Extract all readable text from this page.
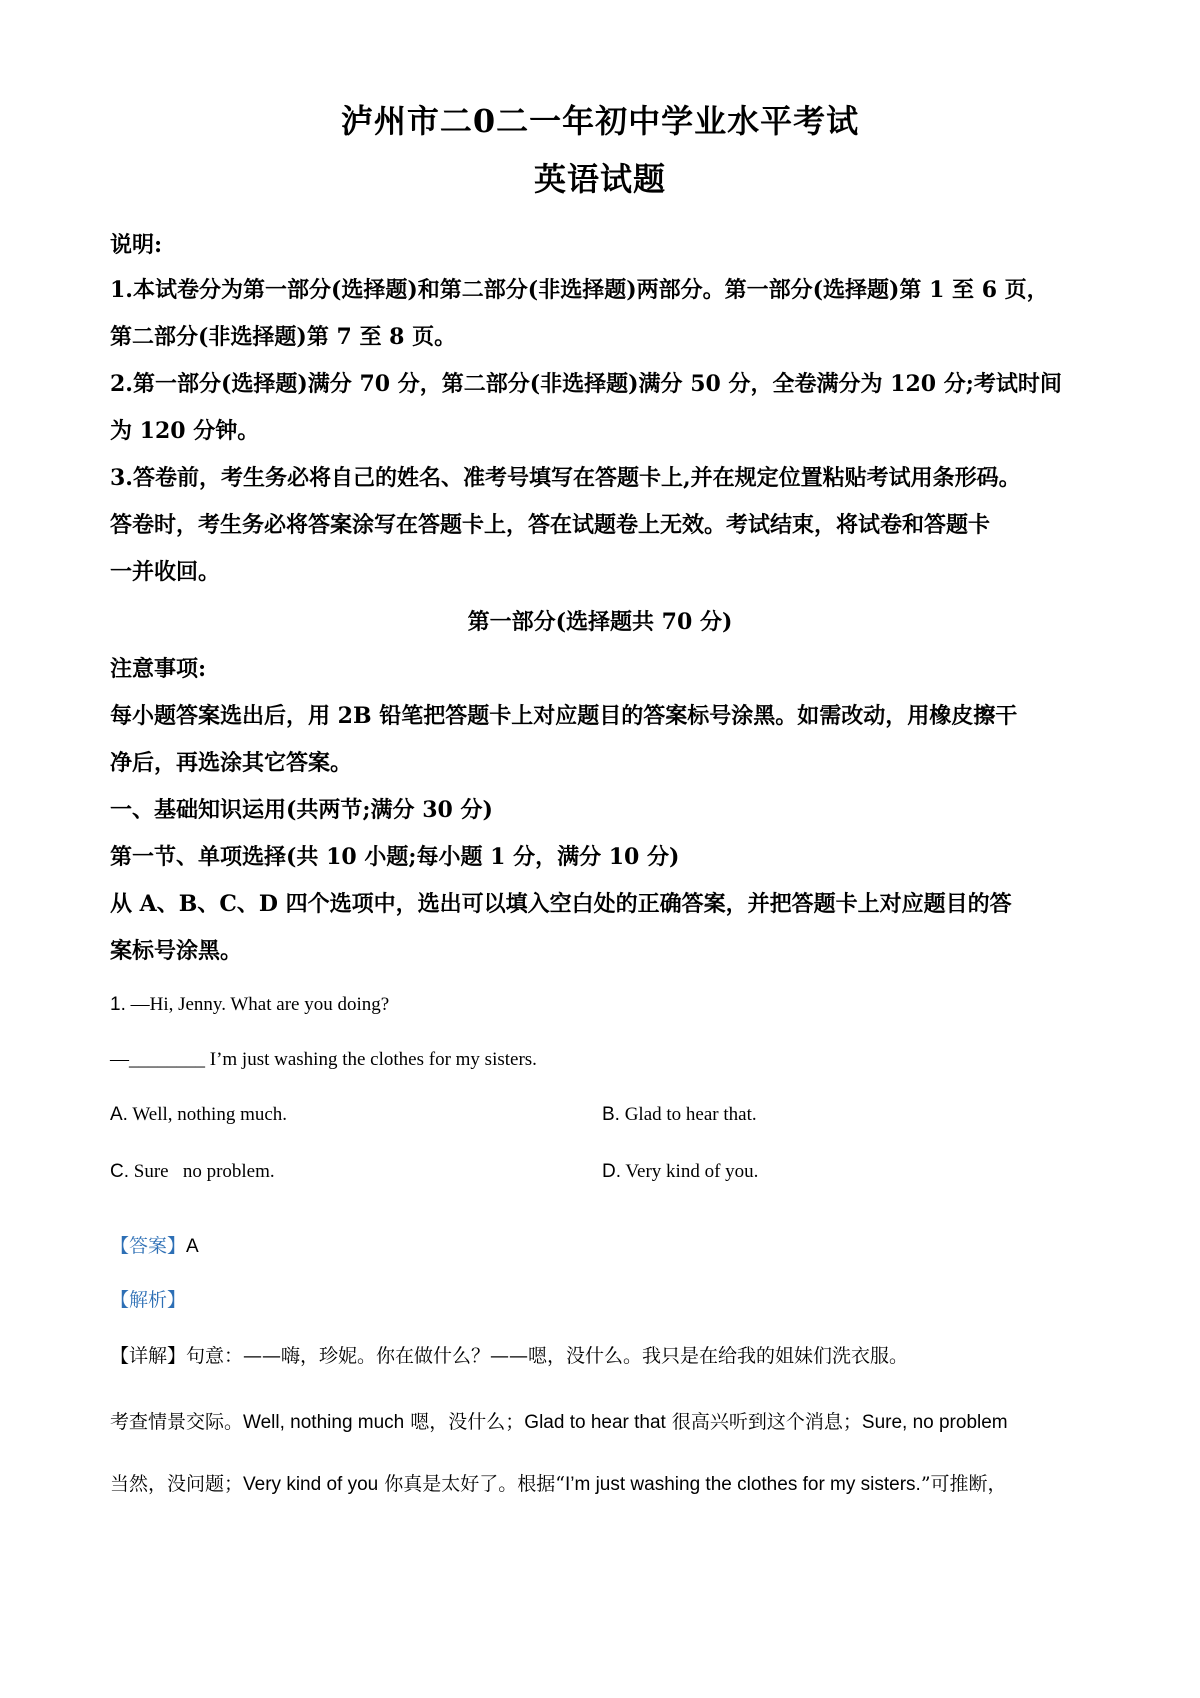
泸州市二0二一年初中学业水平考试
英语试题
说明:
1.本试卷分为第一部分(选择题)和第二部分(非选择题)两部分。第一部分(选择题)第 1 至 6 页，
第二部分(非选择题)第 7 至 8 页。
2.第一部分(选择题)满分 70 分，第二部分(非选择题)满分 50 分，全卷满分为 120 分;考试时间
为 120 分钟。
3.答卷前，考生务必将自己的姓名、准考号填写在答题卡上,并在规定位置粘贴考试用条形码。
答卷时，考生务必将答案涂写在答题卡上，答在试题卷上无效。考试结束，将试卷和答题卡
一并收回。
第一部分(选择题共 70 分)
注意事项:
每小题答案选出后，用 2B 铅笔把答题卡上对应题目的答案标号涂黑。如需改动，用橡皮擦干
净后，再选涂其它答案。
一、基础知识运用(共两节;满分 30 分)
第一节、单项选择(共 10 小题;每小题 1 分，满分 10 分)
从 A、B、C、D 四个选项中，选出可以填入空白处的正确答案，并把答题卡上对应题目的答
案标号涂黑。
1. —Hi, Jenny. What are you doing?
—________ I’m just washing the clothes for my sisters.
A. Well, nothing much.	B. Glad to hear that.
C. Sure   no problem.	D. Very kind of you.
【答案】A
【解析】
【详解】句意：——嗨，珍妮。你在做什么？——嗯，没什么。我只是在给我的姐妹们洗衣服。
考查情景交际。Well, nothing much 嗯，没什么；Glad to hear that 很高兴听到这个消息；Sure, no problem
当然，没问题；Very kind of you 你真是太好了。根据“I’m just washing the clothes for my sisters.”可推断，
